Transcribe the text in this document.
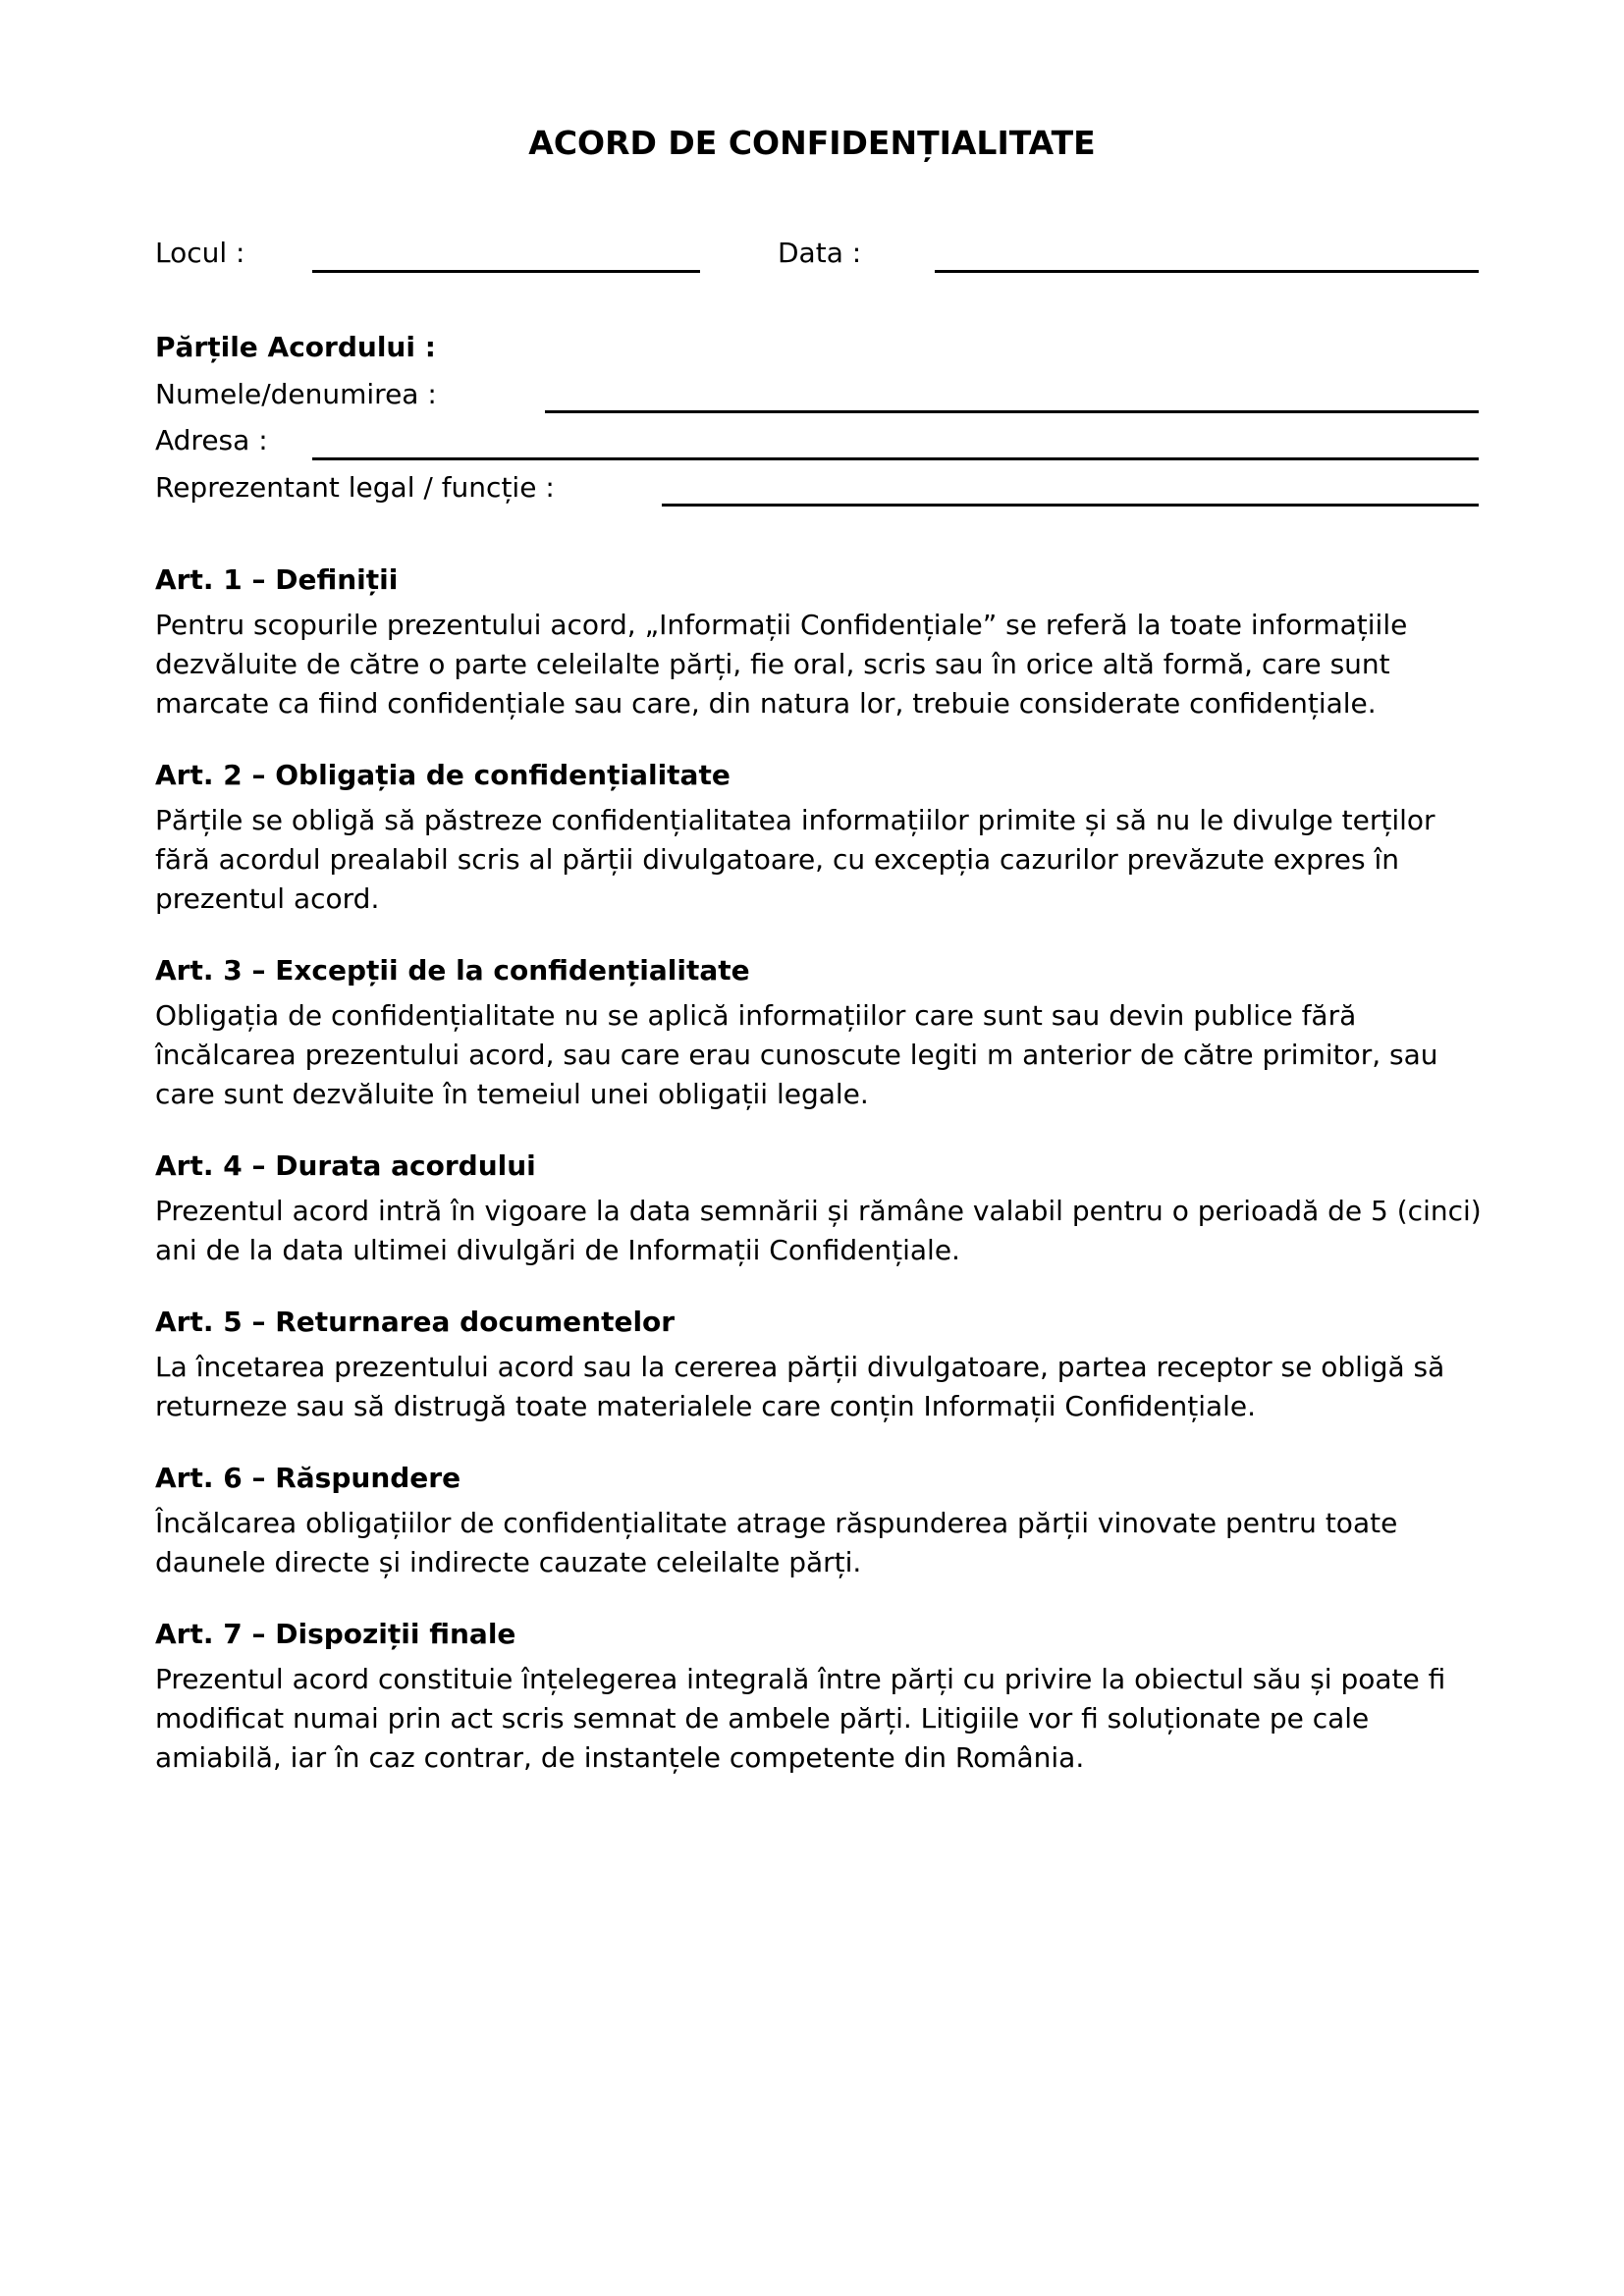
ACORD DE CONFIDENȚIALITATE
Locul :	Data :
Părțile Acordului :
Numele/denumirea :
Adresa :
Reprezentant legal / funcție :

Art. 1 – Definiții

Pentru scopurile prezentului acord, „Informații Confidențiale” se referă la toate informațiile dezvăluite de către o parte celeilalte părți, fie oral, scris sau în orice altă formă, care sunt marcate ca fiind confidențiale sau care, din natura lor, trebuie considerate confidențiale.

Art. 2 – Obligația de confidențialitate

Părțile se obligă să păstreze confidențialitatea informațiilor primite și să nu le divulge terților fără acordul prealabil scris al părții divulgatoare, cu excepția cazurilor prevăzute expres în prezentul acord.

Art. 3 – Excepții de la confidențialitate

Obligația de confidențialitate nu se aplică informațiilor care sunt sau devin publice fără încălcarea prezentului acord, sau care erau cunoscute legiti m anterior de către primitor, sau care sunt dezvăluite în temeiul unei obligații legale.

Art. 4 – Durata acordului

Prezentul acord intră în vigoare la data semnării și rămâne valabil pentru o perioadă de 5 (cinci) ani de la data ultimei divulgări de Informații Confidențiale.

Art. 5 – Returnarea documentelor

La încetarea prezentului acord sau la cererea părții divulgatoare, partea receptor se obligă să returneze sau să distrugă toate materialele care conțin Informații Confidențiale.

Art. 6 – Răspundere

Încălcarea obligațiilor de confidențialitate atrage răspunderea părții vinovate pentru toate daunele directe și indirecte cauzate celeilalte părți.

Art. 7 – Dispoziții finale

Prezentul acord constituie înțelegerea integrală între părți cu privire la obiectul său și poate fi modificat numai prin act scris semnat de ambele părți. Litigiile vor fi soluționate pe cale amiabilă, iar în caz contrar, de instanțele competente din România.
